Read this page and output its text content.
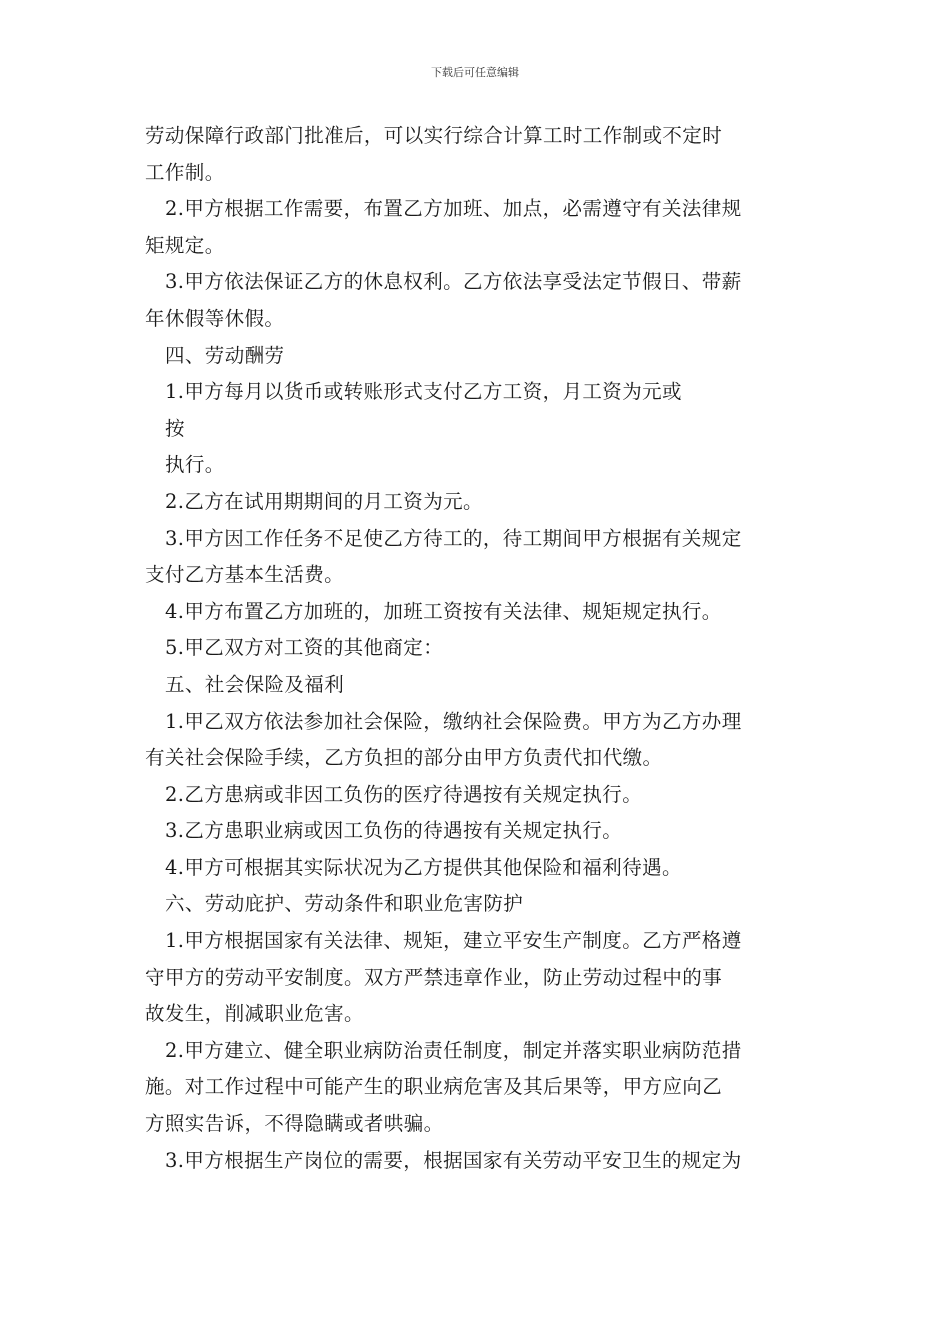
下载后可任意编辑
劳动保障行政部门批准后，可以实行综合计算工时工作制或不定时
工作制。
2.甲方根据工作需要，布置乙方加班、加点，必需遵守有关法律规
矩规定。
3.甲方依法保证乙方的休息权利。乙方依法享受法定节假日、带薪
年休假等休假。
四、劳动酬劳
1.甲方每月以货币或转账形式支付乙方工资，月工资为元或
按
执行。
2.乙方在试用期期间的月工资为元。
3.甲方因工作任务不足使乙方待工的，待工期间甲方根据有关规定
支付乙方基本生活费。
4.甲方布置乙方加班的，加班工资按有关法律、规矩规定执行。
5.甲乙双方对工资的其他商定：
五、社会保险及福利
1.甲乙双方依法参加社会保险，缴纳社会保险费。甲方为乙方办理
有关社会保险手续，乙方负担的部分由甲方负责代扣代缴。
2.乙方患病或非因工负伤的医疗待遇按有关规定执行。
3.乙方患职业病或因工负伤的待遇按有关规定执行。
4.甲方可根据其实际状况为乙方提供其他保险和福利待遇。
六、劳动庇护、劳动条件和职业危害防护
1.甲方根据国家有关法律、规矩，建立平安生产制度。乙方严格遵
守甲方的劳动平安制度。双方严禁违章作业，防止劳动过程中的事
故发生，削减职业危害。
2.甲方建立、健全职业病防治责任制度，制定并落实职业病防范措
施。对工作过程中可能产生的职业病危害及其后果等，甲方应向乙
方照实告诉，不得隐瞒或者哄骗。
3.甲方根据生产岗位的需要，根据国家有关劳动平安卫生的规定为
